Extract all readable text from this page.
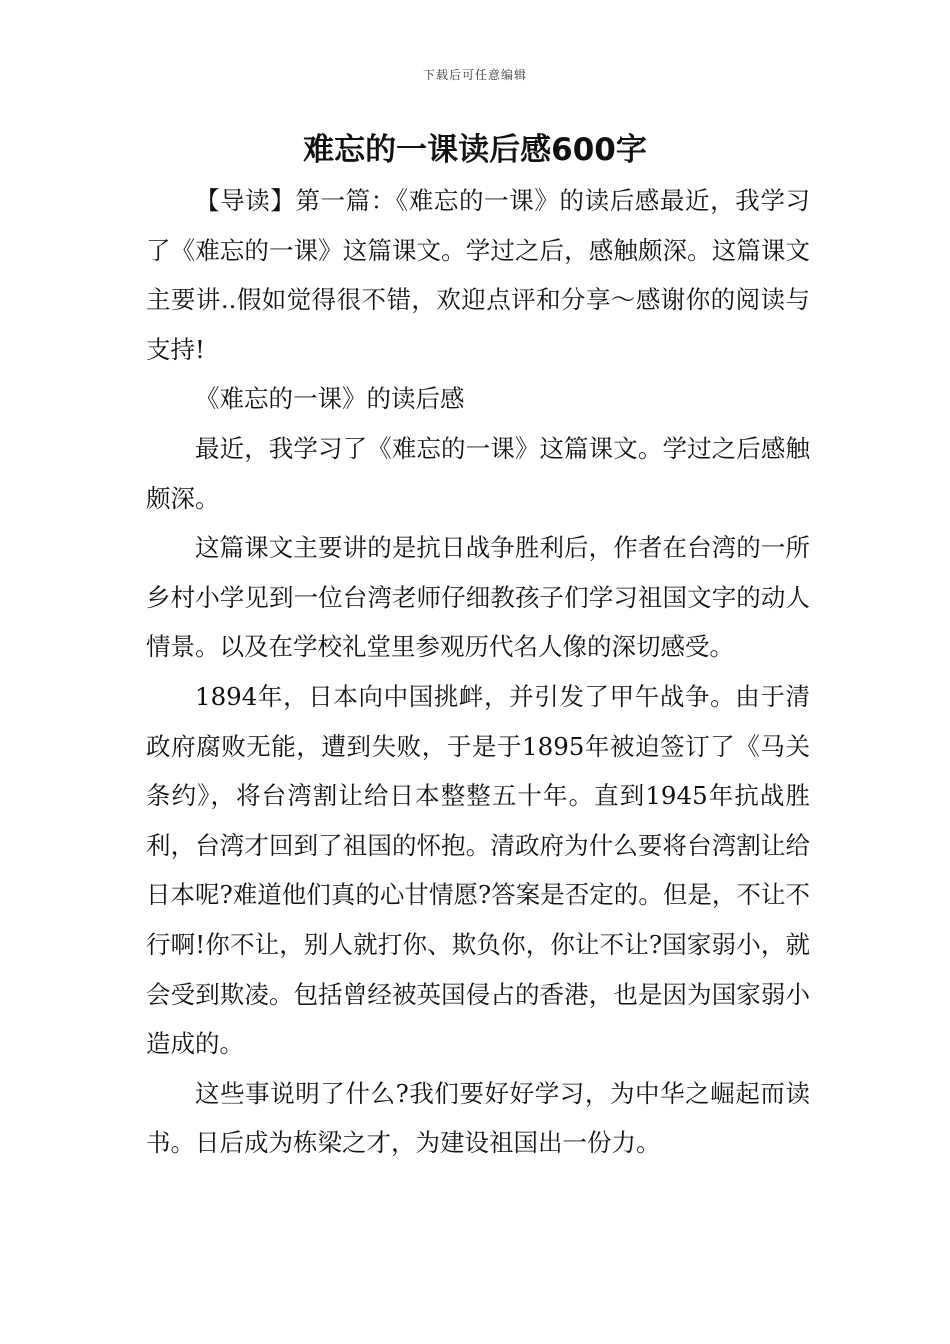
下载后可任意编辑
难忘的一课读后感600字

【导读】第一篇：《难忘的一课》的读后感最近，我学习了《难忘的一课》这篇课文。学过之后，感触颇深。这篇课文主要讲..假如觉得很不错，欢迎点评和分享～感谢你的阅读与支持!

《难忘的一课》的读后感

最近，我学习了《难忘的一课》这篇课文。学过之后感触颇深。

这篇课文主要讲的是抗日战争胜利后，作者在台湾的一所乡村小学见到一位台湾老师仔细教孩子们学习祖国文字的动人情景。以及在学校礼堂里参观历代名人像的深切感受。

1894年，日本向中国挑衅，并引发了甲午战争。由于清政府腐败无能，遭到失败，于是于1895年被迫签订了《马关条约》，将台湾割让给日本整整五十年。直到1945年抗战胜利，台湾才回到了祖国的怀抱。清政府为什么要将台湾割让给日本呢?难道他们真的心甘情愿?答案是否定的。但是，不让不行啊!你不让，别人就打你、欺负你，你让不让?国家弱小，就会受到欺凌。包括曾经被英国侵占的香港，也是因为国家弱小造成的。

这些事说明了什么?我们要好好学习，为中华之崛起而读书。日后成为栋梁之才，为建设祖国出一份力。
